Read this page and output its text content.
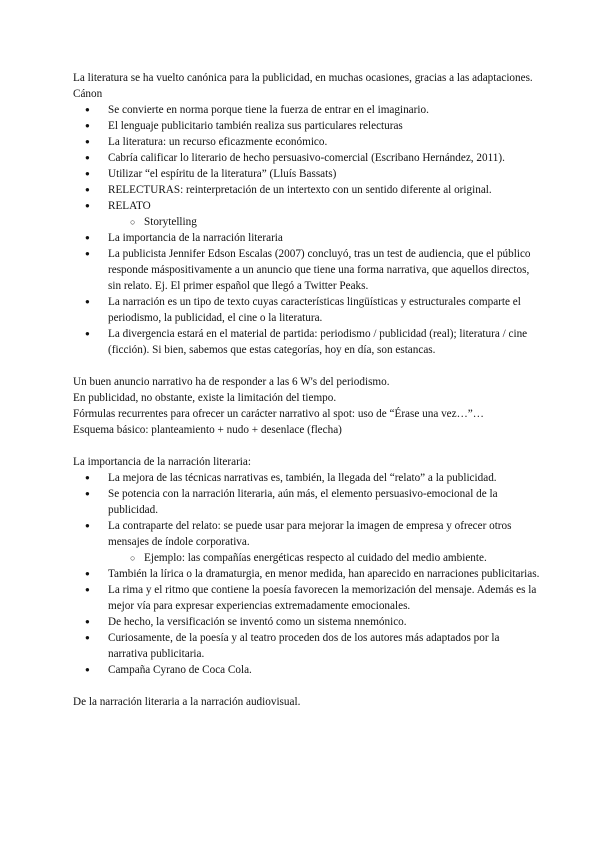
La literatura se ha vuelto canónica para la publicidad, en muchas ocasiones, gracias a las adaptaciones. Cánon

● Se convierte en norma porque tiene la fuerza de entrar en el imaginario.
● El lenguaje publicitario también realiza sus particulares relecturas
● La literatura: un recurso eficazmente económico.
● Cabría calificar lo literario de hecho persuasivo-comercial (Escribano Hernández, 2011).
● Utilizar “el espíritu de la literatura” (Lluís Bassats)
● RELECTURAS: reinterpretación de un intertexto con un sentido diferente al original.
● RELATO
○ Storytelling
● La importancia de la narración literaria
● La publicista Jennifer Edson Escalas (2007) concluyó, tras un test de audiencia, que el público responde máspositivamente a un anuncio que tiene una forma narrativa, que aquellos directos, sin relato. Ej. El primer español que llegó a Twitter Peaks.
● La narración es un tipo de texto cuyas características lingüísticas y estructurales comparte el periodismo, la publicidad, el cine o la literatura.
● La divergencia estará en el material de partida: periodismo / publicidad (real); literatura / cine (ficción). Si bien, sabemos que estas categorías, hoy en día, son estancas.

Un buen anuncio narrativo ha de responder a las 6 W's del periodismo.

En publicidad, no obstante, existe la limitación del tiempo.

Fórmulas recurrentes para ofrecer un carácter narrativo al spot: uso de “Érase una vez…”…

Esquema básico: planteamiento + nudo + desenlace (flecha)

La importancia de la narración literaria:

● La mejora de las técnicas narrativas es, también, la llegada del “relato” a la publicidad.
● Se potencia con la narración literaria, aún más, el elemento persuasivo-emocional de la publicidad.
● La contraparte del relato: se puede usar para mejorar la imagen de empresa y ofrecer otros mensajes de índole corporativa.
○ Ejemplo: las compañías energéticas respecto al cuidado del medio ambiente.
● También la lírica o la dramaturgia, en menor medida, han aparecido en narraciones publicitarias.
● La rima y el ritmo que contiene la poesía favorecen la memorización del mensaje. Además es la mejor vía para expresar experiencias extremadamente emocionales.
● De hecho, la versificación se inventó como un sistema nnemónico.
● Curiosamente, de la poesía y al teatro proceden dos de los autores más adaptados por la narrativa publicitaria.
● Campaña Cyrano de Coca Cola.

De la narración literaria a la narración audiovisual.
